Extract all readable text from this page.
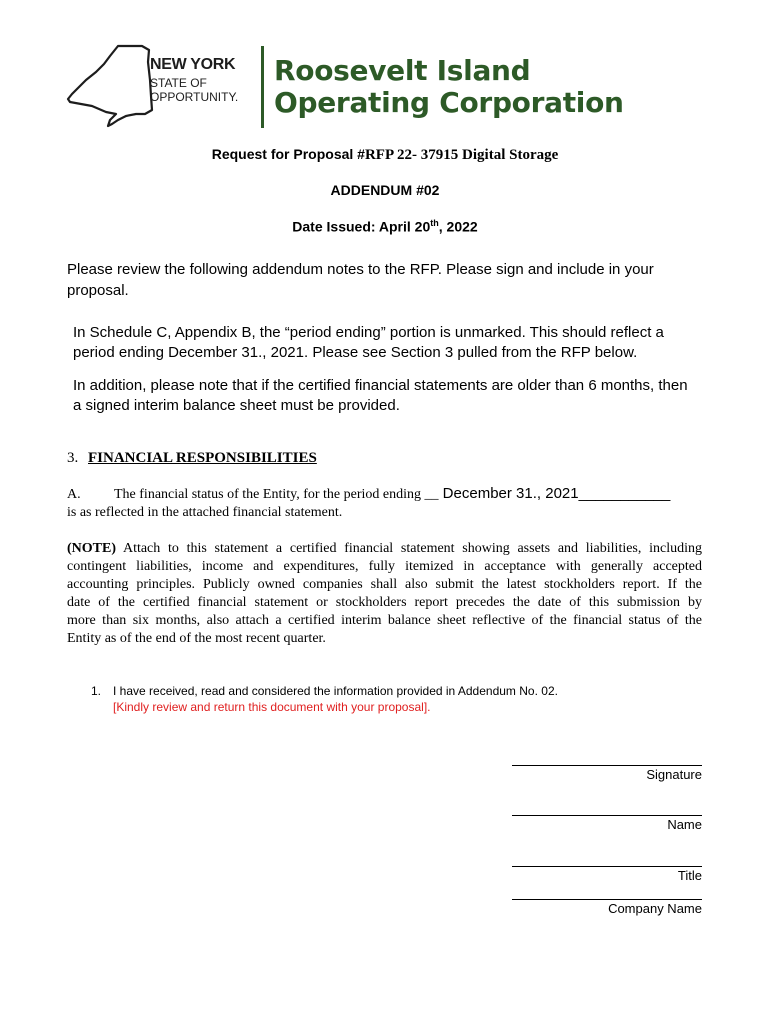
NEW YORK
STATE OF
OPPORTUNITY.
Roosevelt Island
Operating Corporation
Request for Proposal #RFP 22- 37915 Digital Storage
ADDENDUM #02
Date Issued: April 20th, 2022
Please review the following addendum notes to the RFP. Please sign and include in your
proposal.
In Schedule C, Appendix B, the “period ending” portion is unmarked. This should reflect a
period ending December 31., 2021. Please see Section 3 pulled from the RFP below.
In addition, please note that if the certified financial statements are older than 6 months, then
a signed interim balance sheet must be provided.
3. FINANCIAL RESPONSIBILITIES
A. The financial status of the Entity, for the period ending __ December 31., 2021___________
is as reflected in the attached financial statement.
(NOTE) Attach to this statement a certified financial statement showing assets and liabilities, including
contingent liabilities, income and expenditures, fully itemized in acceptance with generally accepted
accounting principles. Publicly owned companies shall also submit the latest stockholders report. If the
date of the certified financial statement or stockholders report precedes the date of this submission by
more than six months, also attach a certified interim balance sheet reflective of the financial status of the
Entity as of the end of the most recent quarter.
1. I have received, read and considered the information provided in Addendum No. 02.
[Kindly review and return this document with your proposal].
Signature
Name
Title
Company Name
